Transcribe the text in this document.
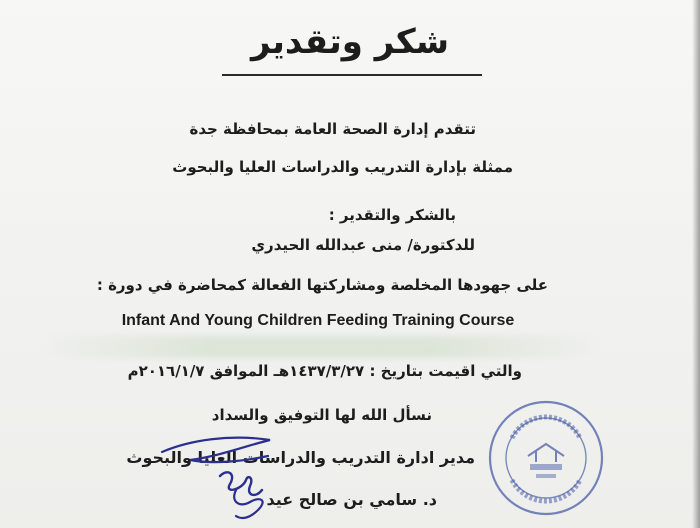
شكر وتقدير
تتقدم إدارة الصحة العامة بمحافظة جدة
ممثلة بإدارة التدريب والدراسات العليا والبحوث
بالشكر والتقدير :
للدكتورة/ منى عبدالله الحيدري
على جهودها المخلصة ومشاركتها الفعالة كمحاضرة في دورة :
Infant And Young Children Feeding Training Course
والتي اقيمت بتاريخ : ١٤٣٧/٣/٢٧هـ الموافق ٢٠١٦/١/٧م
نسأل الله لها التوفيق والسداد
مدير ادارة التدريب والدراسات العليا والبحوث
د. سامي بن صالح عيد
